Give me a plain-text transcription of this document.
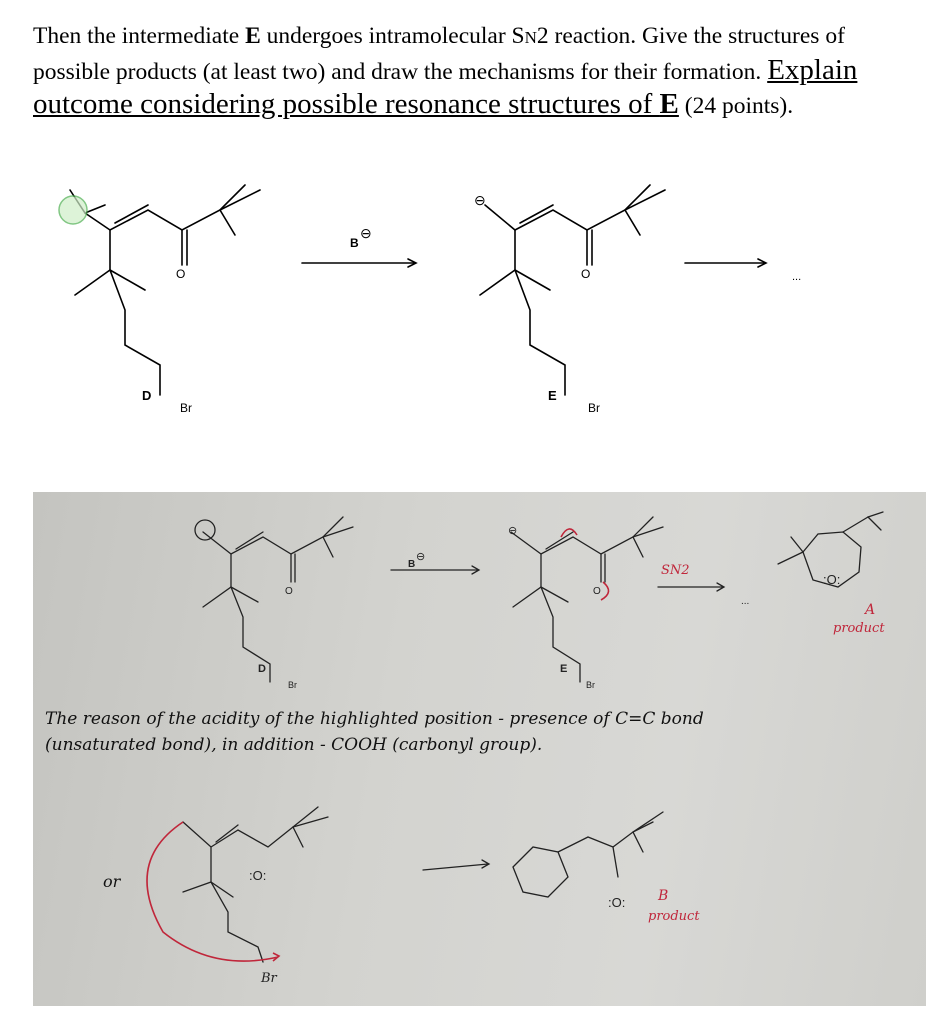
Then the intermediate E undergoes intramolecular SN2 reaction. Give the structures of
possible products (at least two) and draw the mechanisms for their formation. Explain
outcome considering possible resonance structures of E (24 points).
O	O
D
Br
E
Br
B
⊖
⊖
...
O
D
Br
B
⊖
⊖
O
E
Br
...
SN2
:O:
A
product
The reason of the acidity of the highlighted position - presence of C=C bond
(unsaturated bond), in addition - COOH (carbonyl group).
or	:O:
Br
:O: B
product
